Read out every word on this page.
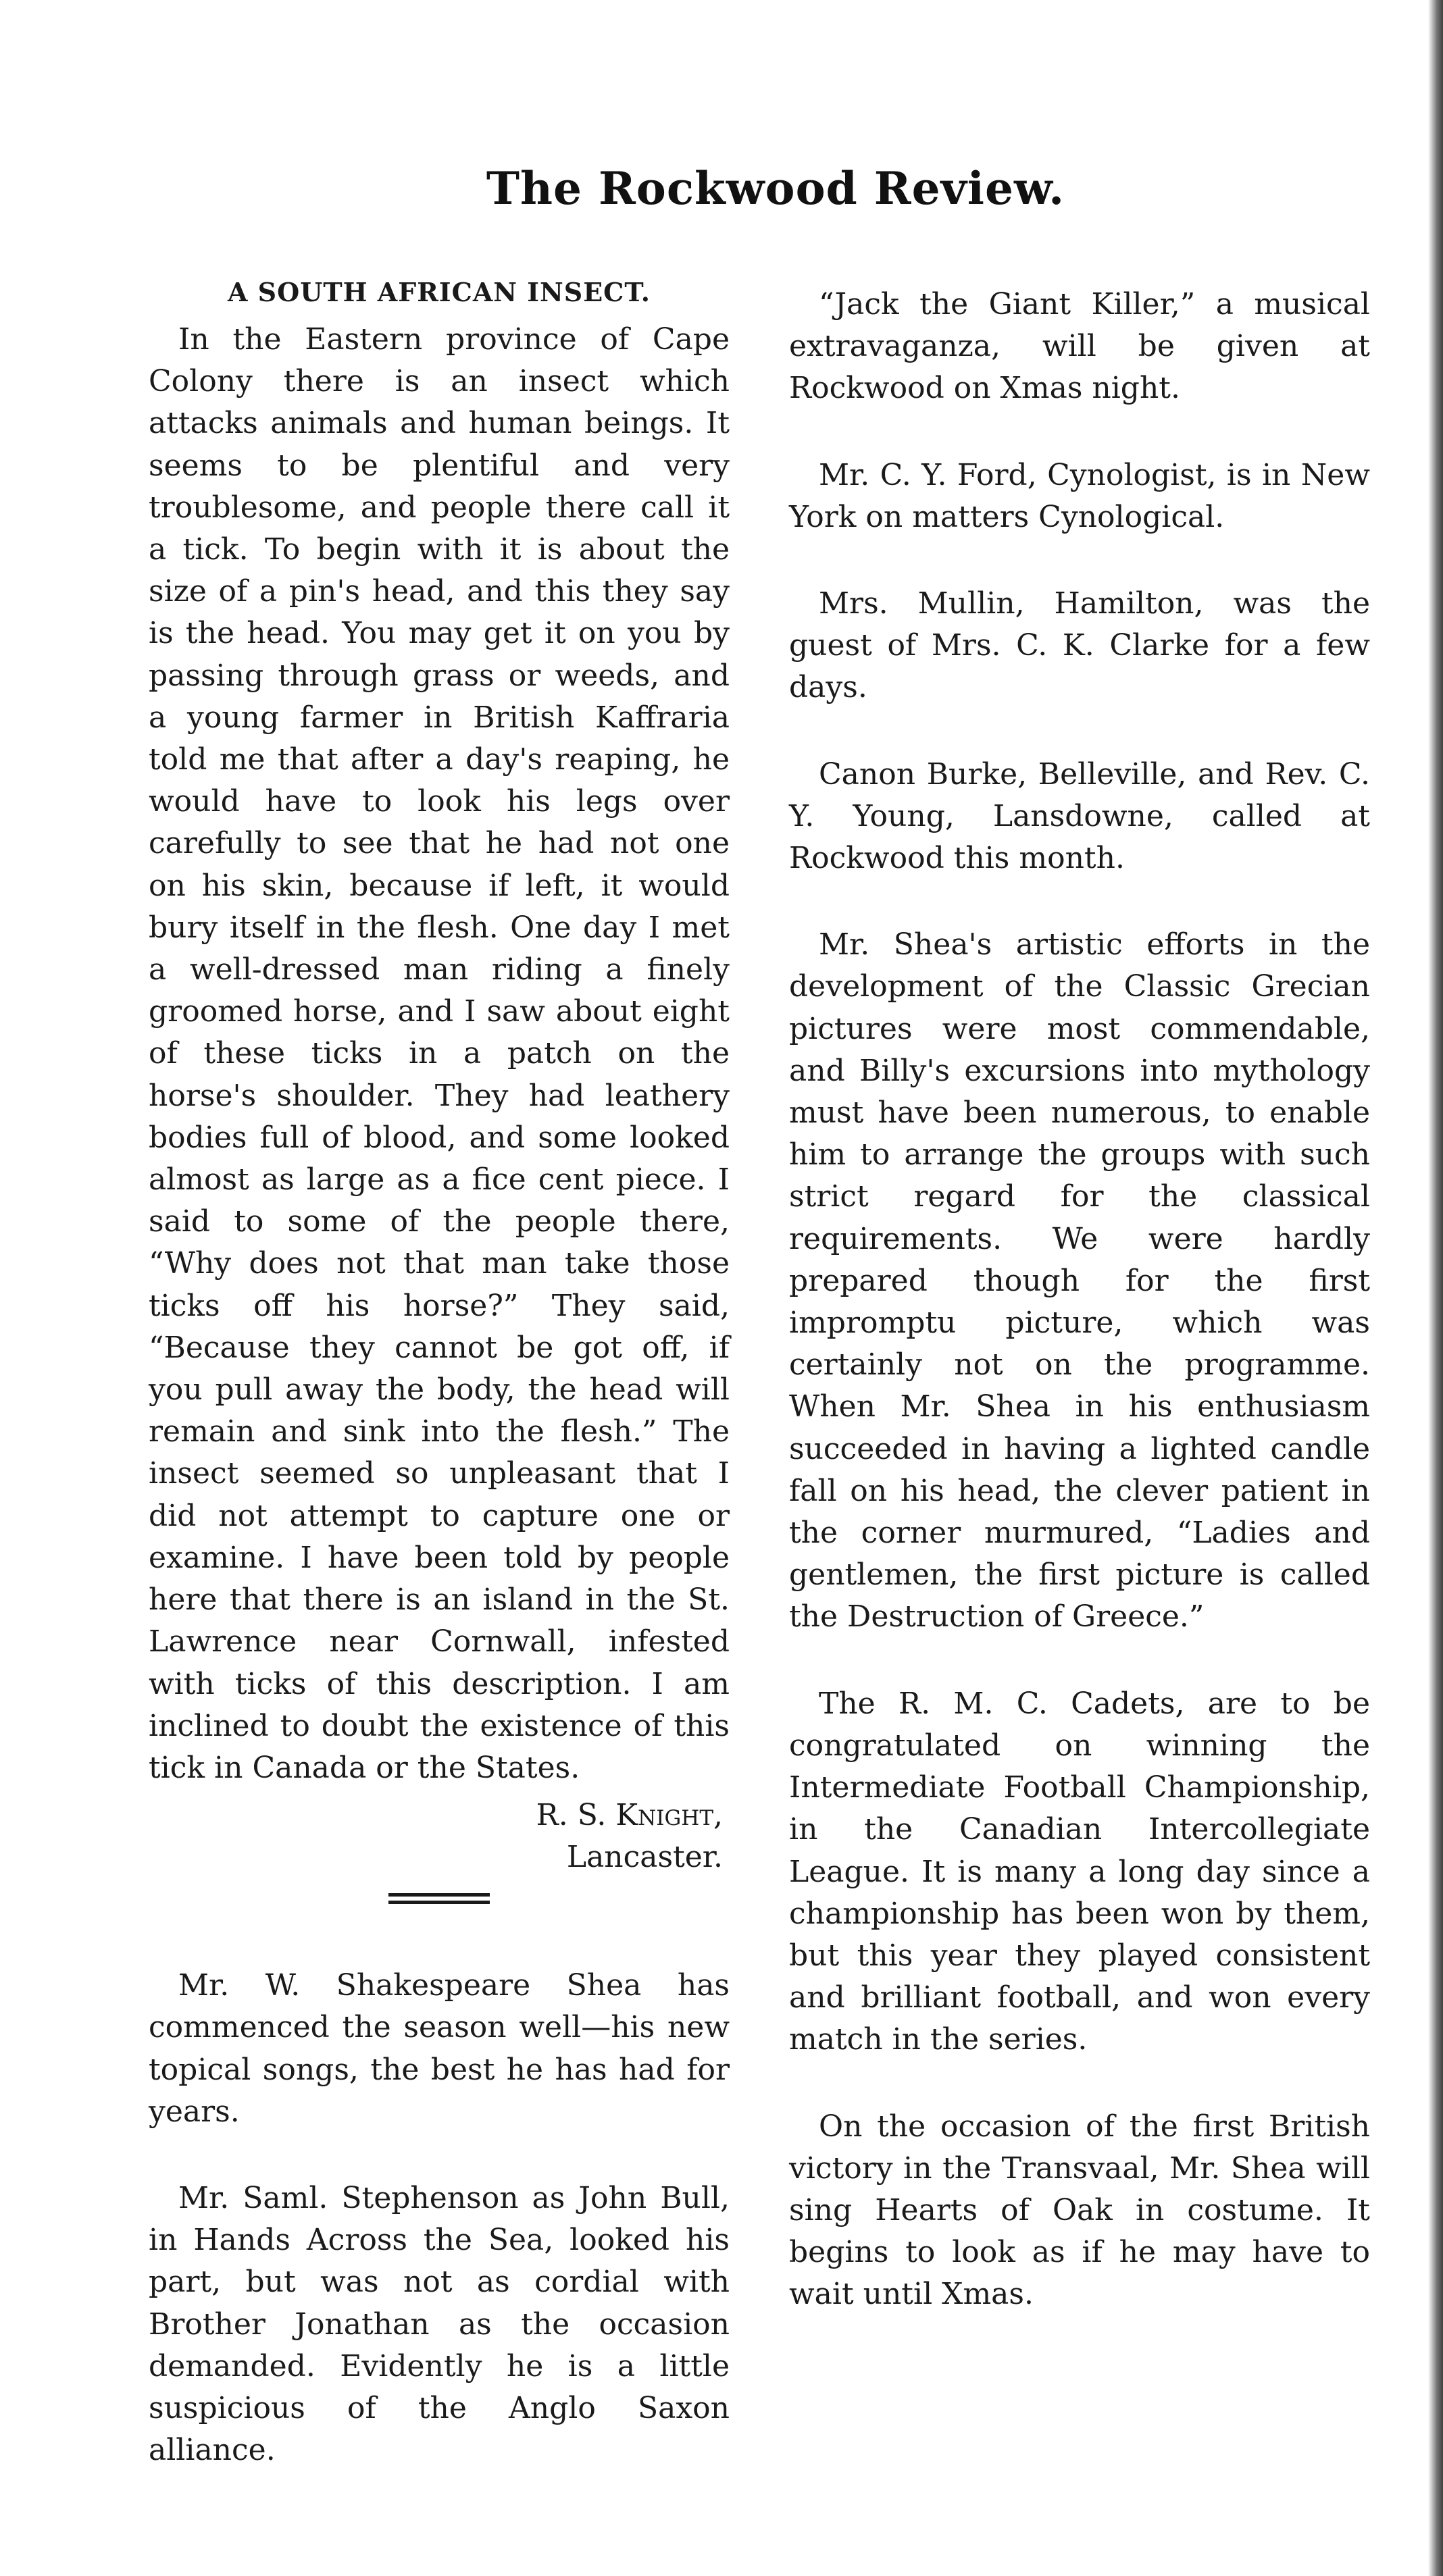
The Rockwood Review.
A SOUTH AFRICAN INSECT.

In the Eastern province of Cape Colony there is an insect which attacks animals and human beings. It seems to be plentiful and very troublesome, and people there call it a tick. To begin with it is about the size of a pin's head, and this they say is the head. You may get it on you by passing through grass or weeds, and a young farmer in British Kaffraria told me that after a day's reaping, he would have to look his legs over carefully to see that he had not one on his skin, because if left, it would bury itself in the flesh. One day I met a well-dressed man riding a finely groomed horse, and I saw about eight of these ticks in a patch on the horse's shoulder. They had leathery bodies full of blood, and some looked almost as large as a fice cent piece. I said to some of the people there, “Why does not that man take those ticks off his horse?” They said, “Because they cannot be got off, if you pull away the body, the head will remain and sink into the flesh.” The insect seemed so unpleasant that I did not attempt to capture one or examine. I have been told by people here that there is an island in the St. Lawrence near Cornwall, infested with ticks of this description. I am inclined to doubt the existence of this tick in Canada or the States.

R. S. Knight,
Lancaster.

Mr. W. Shakespeare Shea has commenced the season well—his new topical songs, the best he has had for years.

Mr. Saml. Stephenson as John Bull, in Hands Across the Sea, looked his part, but was not as cordial with Brother Jonathan as the occasion demanded. Evidently he is a little suspicious of the Anglo Saxon alliance.

“Jack the Giant Killer,” a musical extravaganza, will be given at Rockwood on Xmas night.

Mr. C. Y. Ford, Cynologist, is in New York on matters Cynological.

Mrs. Mullin, Hamilton, was the guest of Mrs. C. K. Clarke for a few days.

Canon Burke, Belleville, and Rev. C. Y. Young, Lansdowne, called at Rockwood this month.

Mr. Shea's artistic efforts in the development of the Classic Grecian pictures were most commendable, and Billy's excursions into mythology must have been numerous, to enable him to arrange the groups with such strict regard for the classical requirements. We were hardly prepared though for the first impromptu picture, which was certainly not on the programme. When Mr. Shea in his enthusiasm succeeded in having a lighted candle fall on his head, the clever patient in the corner murmured, “Ladies and gentlemen, the first picture is called the Destruction of Greece.”

The R. M. C. Cadets, are to be congratulated on winning the Intermediate Football Championship, in the Canadian Intercollegiate League. It is many a long day since a championship has been won by them, but this year they played consistent and brilliant football, and won every match in the series.

On the occasion of the first British victory in the Transvaal, Mr. Shea will sing Hearts of Oak in costume. It begins to look as if he may have to wait until Xmas.
